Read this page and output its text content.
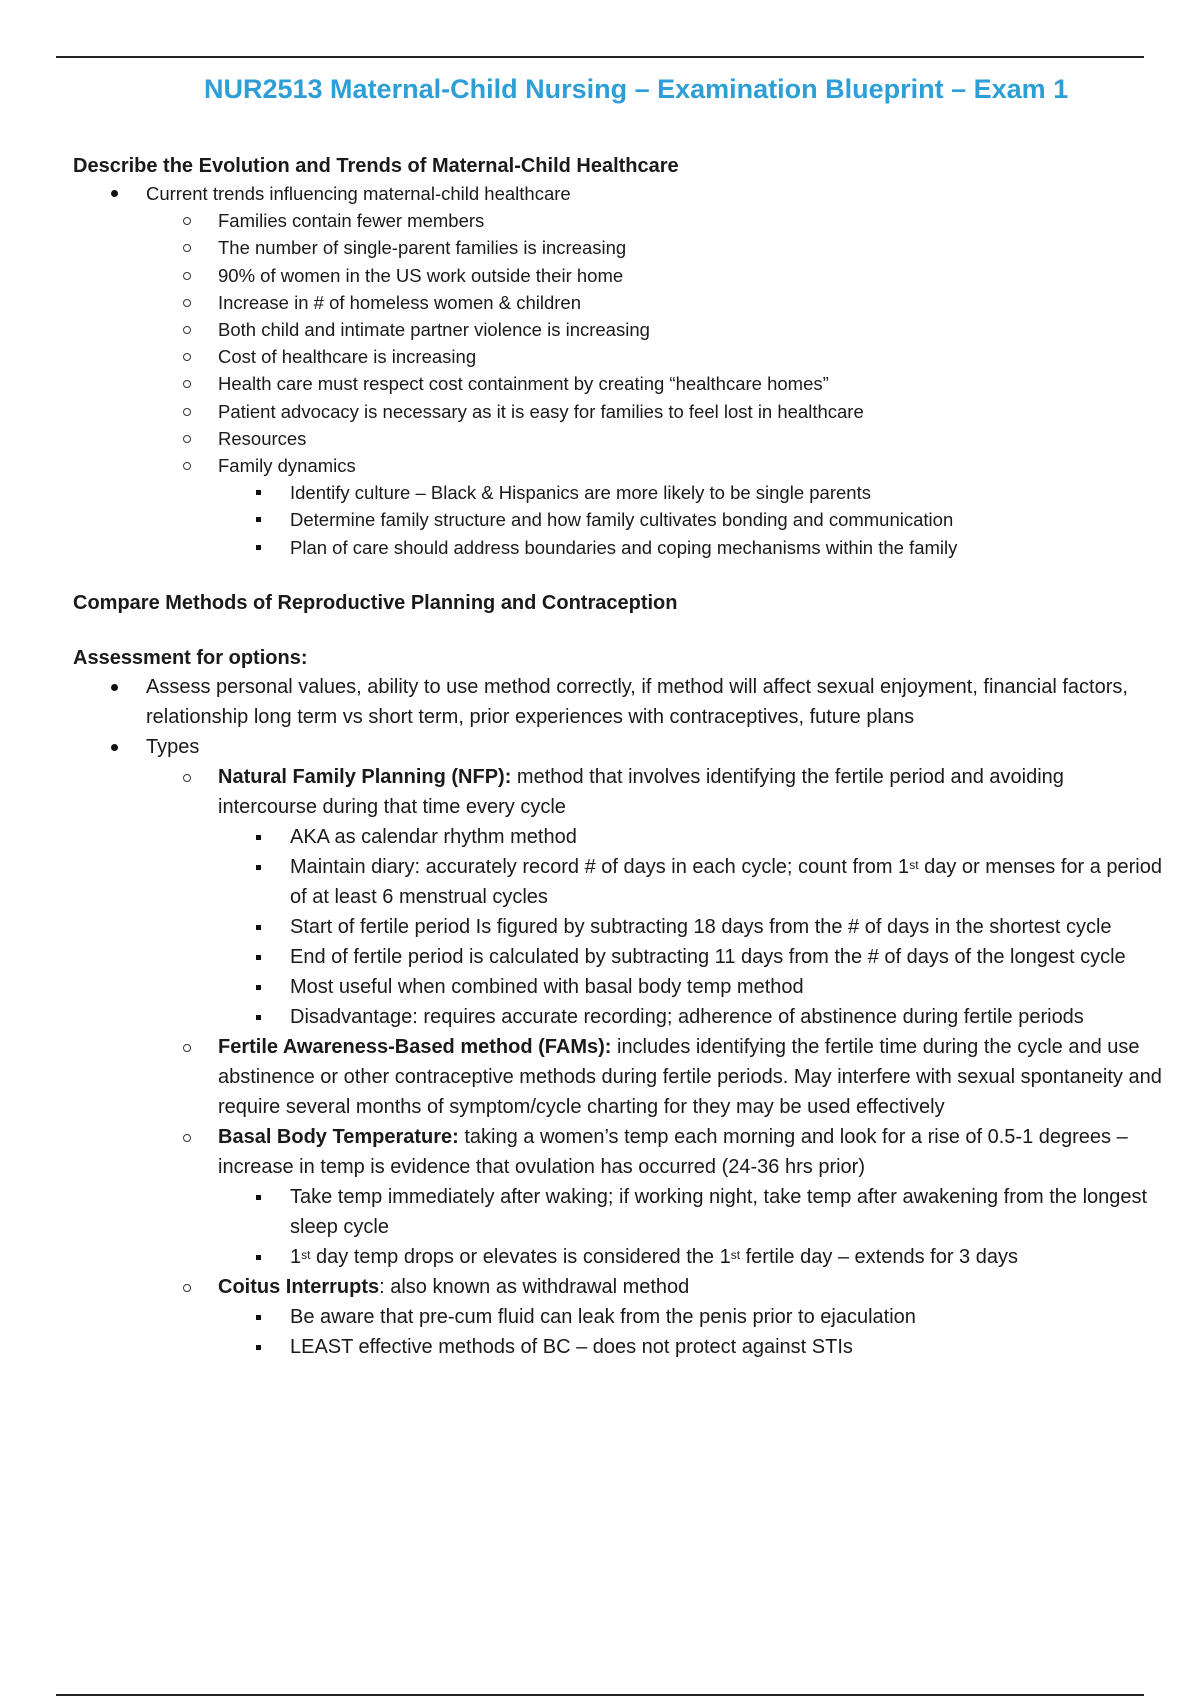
NUR2513 Maternal-Child Nursing – Examination Blueprint – Exam 1
Describe the Evolution and Trends of Maternal-Child Healthcare
Current trends influencing maternal-child healthcare
Families contain fewer members
The number of single-parent families is increasing
90% of women in the US work outside their home
Increase in # of homeless women & children
Both child and intimate partner violence is increasing
Cost of healthcare is increasing
Health care must respect cost containment by creating “healthcare homes”
Patient advocacy is necessary as it is easy for families to feel lost in healthcare
Resources
Family dynamics
Identify culture – Black & Hispanics are more likely to be single parents
Determine family structure and how family cultivates bonding and communication
Plan of care should address boundaries and coping mechanisms within the family
Compare Methods of Reproductive Planning and Contraception
Assessment for options:
Assess personal values, ability to use method correctly, if method will affect sexual enjoyment, financial factors, relationship long term vs short term, prior experiences with contraceptives, future plans
Types
Natural Family Planning (NFP): method that involves identifying the fertile period and avoiding intercourse during that time every cycle
AKA as calendar rhythm method
Maintain diary: accurately record # of days in each cycle; count from 1st day or menses for a period of at least 6 menstrual cycles
Start of fertile period Is figured by subtracting 18 days from the # of days in the shortest cycle
End of fertile period is calculated by subtracting 11 days from the # of days of the longest cycle
Most useful when combined with basal body temp method
Disadvantage: requires accurate recording; adherence of abstinence during fertile periods
Fertile Awareness-Based method (FAMs): includes identifying the fertile time during the cycle and use abstinence or other contraceptive methods during fertile periods. May interfere with sexual spontaneity and require several months of symptom/cycle charting for they may be used effectively
Basal Body Temperature: taking a women’s temp each morning and look for a rise of 0.5-1 degrees – increase in temp is evidence that ovulation has occurred (24-36 hrs prior)
Take temp immediately after waking; if working night, take temp after awakening from the longest sleep cycle
1st day temp drops or elevates is considered the 1st fertile day – extends for 3 days
Coitus Interrupts: also known as withdrawal method
Be aware that pre-cum fluid can leak from the penis prior to ejaculation
LEAST effective methods of BC – does not protect against STIs
